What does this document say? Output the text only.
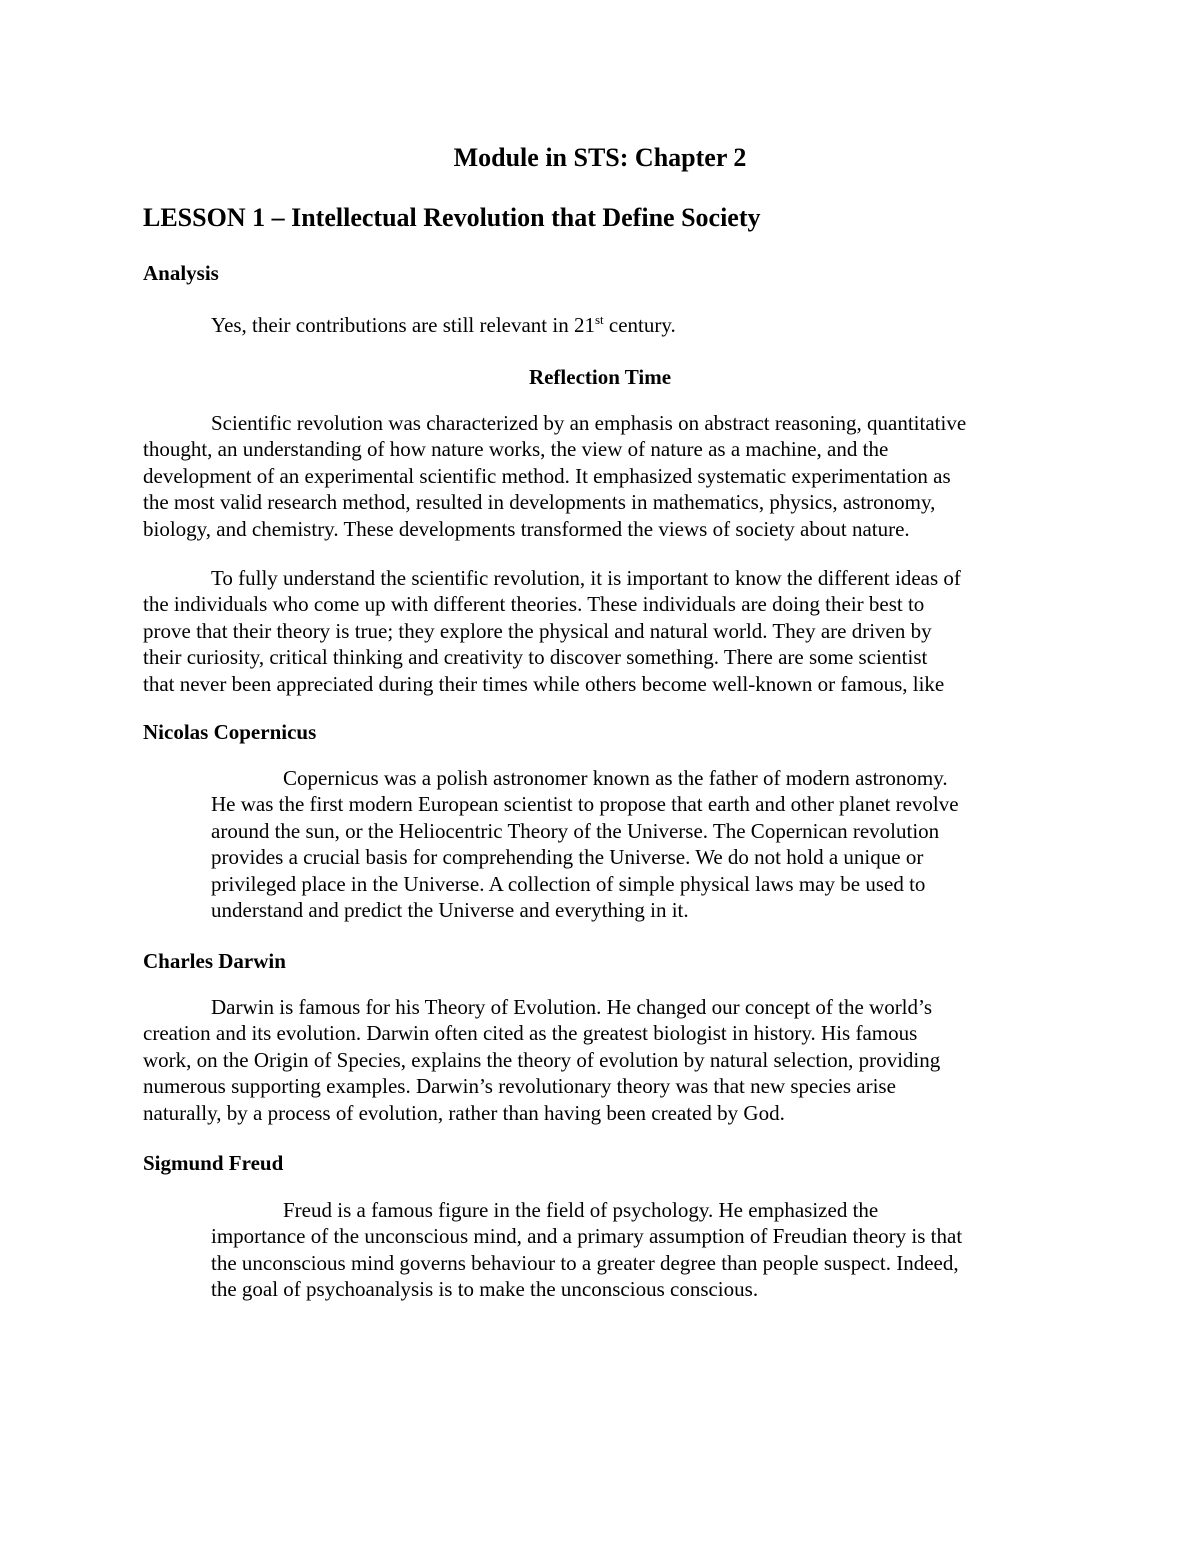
Module in STS: Chapter 2
LESSON 1 – Intellectual Revolution that Define Society
Analysis

Yes, their contributions are still relevant in 21st century.

Reflection Time
Scientific revolution was characterized by an emphasis on abstract reasoning, quantitative
thought, an understanding of how nature works, the view of nature as a machine, and the
development of an experimental scientific method. It emphasized systematic experimentation as
the most valid research method, resulted in developments in mathematics, physics, astronomy,
biology, and chemistry. These developments transformed the views of society about nature.
To fully understand the scientific revolution, it is important to know the different ideas of
the individuals who come up with different theories. These individuals are doing their best to
prove that their theory is true; they explore the physical and natural world. They are driven by
their curiosity, critical thinking and creativity to discover something. There are some scientist
that never been appreciated during their times while others become well-known or famous, like
Nicolas Copernicus
Copernicus was a polish astronomer known as the father of modern astronomy.
He was the first modern European scientist to propose that earth and other planet revolve
around the sun, or the Heliocentric Theory of the Universe. The Copernican revolution
provides a crucial basis for comprehending the Universe. We do not hold a unique or
privileged place in the Universe. A collection of simple physical laws may be used to
understand and predict the Universe and everything in it.
Charles Darwin
Darwin is famous for his Theory of Evolution. He changed our concept of the world’s
creation and its evolution. Darwin often cited as the greatest biologist in history. His famous
work, on the Origin of Species, explains the theory of evolution by natural selection, providing
numerous supporting examples. Darwin’s revolutionary theory was that new species arise
naturally, by a process of evolution, rather than having been created by God.
Sigmund Freud
Freud is a famous figure in the field of psychology. He emphasized the
importance of the unconscious mind, and a primary assumption of Freudian theory is that
the unconscious mind governs behaviour to a greater degree than people suspect. Indeed,
the goal of psychoanalysis is to make the unconscious conscious.
